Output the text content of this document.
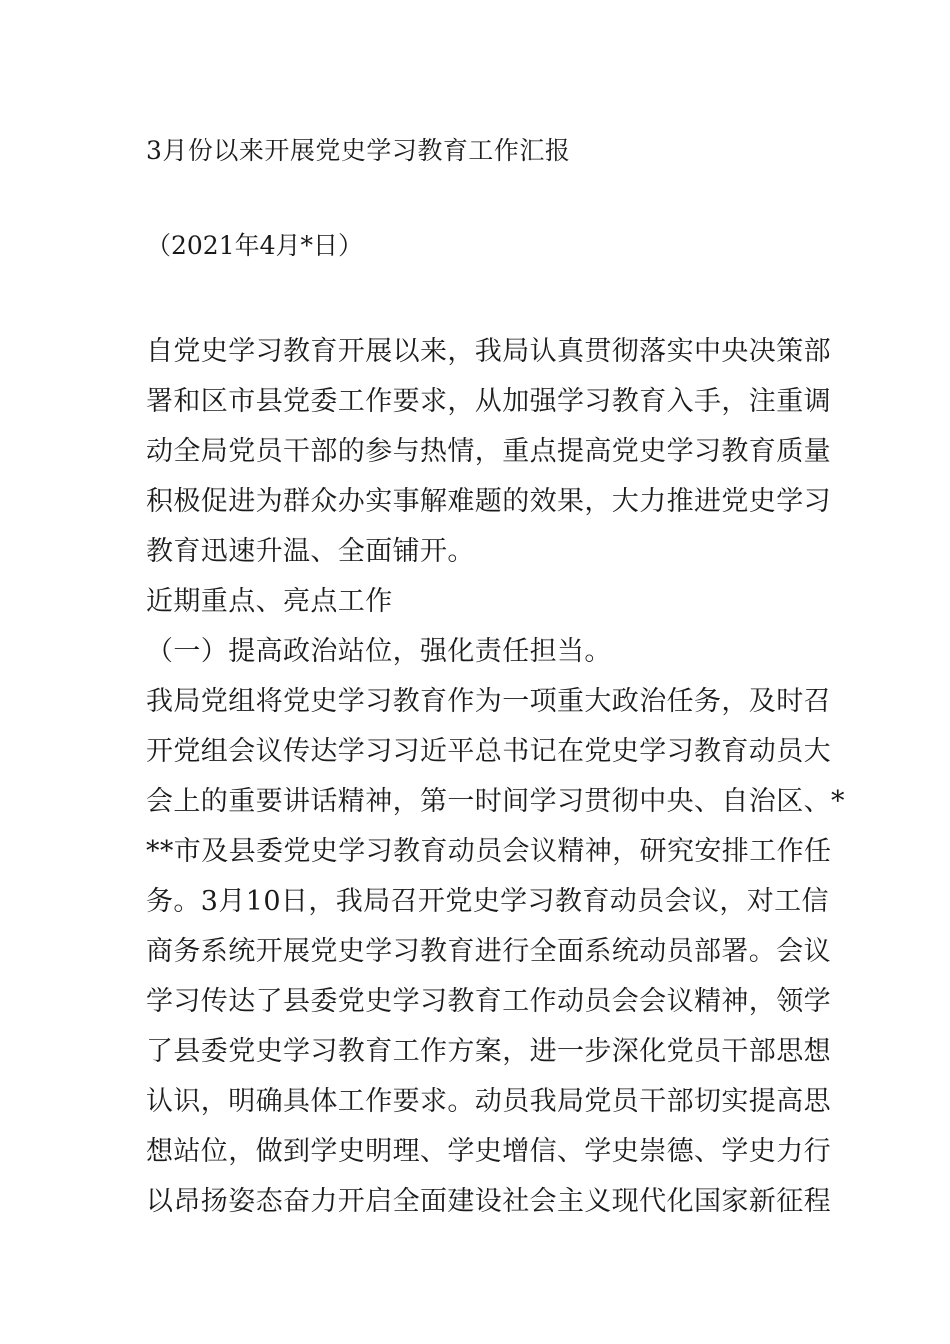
3月份以来开展党史学习教育工作汇报
（2021年4月*日）
自党史学习教育开展以来，我局认真贯彻落实中央决策部
署和区市县党委工作要求，从加强学习教育入手，注重调
动全局党员干部的参与热情，重点提高党史学习教育质量
积极促进为群众办实事解难题的效果，大力推进党史学习
教育迅速升温、全面铺开。
近期重点、亮点工作
（一）提高政治站位，强化责任担当。
我局党组将党史学习教育作为一项重大政治任务，及时召
开党组会议传达学习习近平总书记在党史学习教育动员大
会上的重要讲话精神，第一时间学习贯彻中央、自治区、*
**市及县委党史学习教育动员会议精神，研究安排工作任
务。3月10日，我局召开党史学习教育动员会议，对工信
商务系统开展党史学习教育进行全面系统动员部署。会议
学习传达了县委党史学习教育工作动员会会议精神，领学
了县委党史学习教育工作方案，进一步深化党员干部思想
认识，明确具体工作要求。动员我局党员干部切实提高思
想站位，做到学史明理、学史增信、学史崇德、学史力行
以昂扬姿态奋力开启全面建设社会主义现代化国家新征程
